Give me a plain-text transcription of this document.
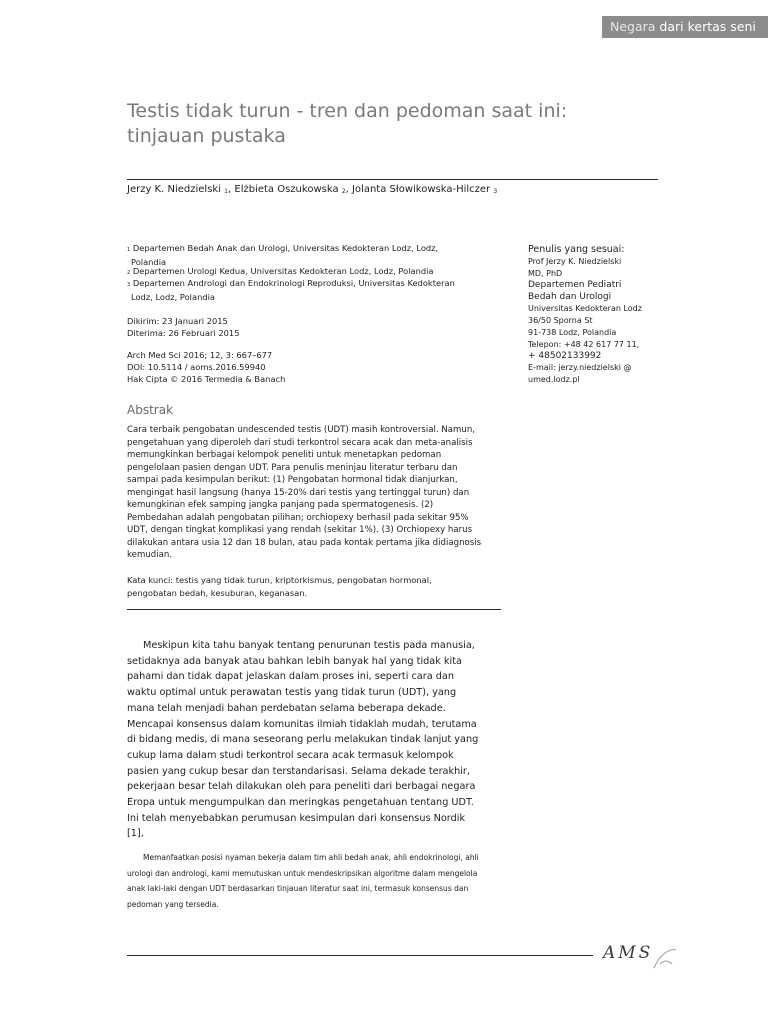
Negara dari kertas seni
Testis tidak turun - tren dan pedoman saat ini: tinjauan pustaka
Jerzy K. Niedzielski $_1$, Elżbieta Oszukowska $_2$, Jolanta Słowikowska-Hilczer $_3$
1 Departemen Bedah Anak dan Urologi, Universitas Kedokteran Lodz, Lodz,
Polandia
2 Departemen Urologi Kedua, Universitas Kedokteran Lodz, Lodz, Polandia
3 Departemen Andrologi dan Endokrinologi Reproduksi, Universitas Kedokteran
Lodz, Lodz, Polandia
Dikirim: 23 Januari 2015
Diterima: 26 Februari 2015
Arch Med Sci 2016; 12, 3: 667–677
DOI: 10.5114 / aoms.2016.59940
Hak Cipta © 2016 Termedia & Banach
Penulis yang sesuai:
Prof Jerzy K. Niedzielski
MD, PhD
Departemen Pediatri
Bedah dan Urologi
Universitas Kedokteran Lodz
36/50 Sporna St
91-738 Lodz, Polandia
Telepon: +48 42 617 77 11,
+ 48502133992
E-mail: jerzy.niedzielski @
umed.lodz.pl
Abstrak
Cara terbaik pengobatan undescended testis (UDT) masih kontroversial. Namun,
pengetahuan yang diperoleh dari studi terkontrol secara acak dan meta-analisis
memungkinkan berbagai kelompok peneliti untuk menetapkan pedoman
pengelolaan pasien dengan UDT. Para penulis meninjau literatur terbaru dan
sampai pada kesimpulan berikut: (1) Pengobatan hormonal tidak dianjurkan,
mengingat hasil langsung (hanya 15-20% dari testis yang tertinggal turun) dan
kemungkinan efek samping jangka panjang pada spermatogenesis. (2)
Pembedahan adalah pengobatan pilihan; orchiopexy berhasil pada sekitar 95%
UDT, dengan tingkat komplikasi yang rendah (sekitar 1%). (3) Orchiopexy harus
dilakukan antara usia 12 dan 18 bulan, atau pada kontak pertama jika didiagnosis
kemudian.
Kata kunci: testis yang tidak turun, kriptorkismus, pengobatan hormonal,
pengobatan bedah, kesuburan, keganasan.
Meskipun kita tahu banyak tentang penurunan testis pada manusia,
setidaknya ada banyak atau bahkan lebih banyak hal yang tidak kita
pahami dan tidak dapat jelaskan dalam proses ini, seperti cara dan
waktu optimal untuk perawatan testis yang tidak turun (UDT), yang
mana telah menjadi bahan perdebatan selama beberapa dekade.
Mencapai konsensus dalam komunitas ilmiah tidaklah mudah, terutama
di bidang medis, di mana seseorang perlu melakukan tindak lanjut yang
cukup lama dalam studi terkontrol secara acak termasuk kelompok
pasien yang cukup besar dan terstandarisasi. Selama dekade terakhir,
pekerjaan besar telah dilakukan oleh para peneliti dari berbagai negara
Eropa untuk mengumpulkan dan meringkas pengetahuan tentang UDT.
Ini telah menyebabkan perumusan kesimpulan dari konsensus Nordik
[1],
Memanfaatkan posisi nyaman bekerja dalam tim ahli bedah anak, ahli endokrinologi, ahli
urologi dan andrologi, kami memutuskan untuk mendeskripsikan algoritme dalam mengelola
anak laki-laki dengan UDT berdasarkan tinjauan literatur saat ini, termasuk konsensus dan
pedoman yang tersedia.
AMS
